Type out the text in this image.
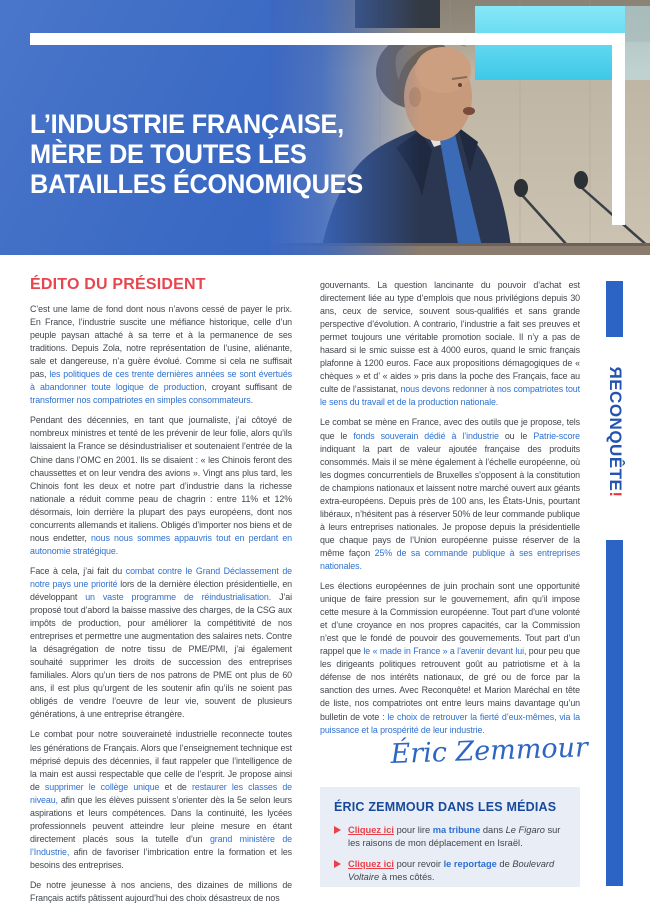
L’INDUSTRIE FRANÇAISE,
MÈRE DE TOUTES LES
BATAILLES ÉCONOMIQUES
ÉDITO DU PRÉSIDENT

C’est une lame de fond dont nous n’avons cessé de payer le prix. En France, l’industrie suscite une méfiance historique, celle d’un peuple paysan attaché à sa terre et à la permanence de ses traditions. Depuis Zola, notre représentation de l’usine, aliénante, sale et dangereuse, n’a guère évolué. Comme si cela ne suffisait pas, les politiques de ces trente dernières années se sont évertués à abandonner toute logique de production, croyant suffisant de transformer nos compatriotes en simples consommateurs.

Pendant des décennies, en tant que journaliste, j’ai côtoyé de nombreux ministres et tenté de les prévenir de leur folie, alors qu’ils laissaient la France se désindustrialiser et soutenaient l’entrée de la Chine dans l’OMC en 2001. Ils se disaient : « les Chinois feront des chaussettes et on leur vendra des avions ». Vingt ans plus tard, les Chinois font les deux et notre part d’industrie dans la richesse nationale a réduit comme peau de chagrin : entre 11% et 12% désormais, loin derrière la plupart des pays européens, dont nos concurrents allemands et italiens. Obligés d’importer nos biens et de nous endetter, nous nous sommes appauvris tout en perdant en autonomie stratégique.

Face à cela, j’ai fait du combat contre le Grand Déclassement de notre pays une priorité lors de la dernière élection présidentielle, en développant un vaste programme de réindustrialisation. J’ai proposé tout d’abord la baisse massive des charges, de la CSG aux impôts de production, pour améliorer la compétitivité de nos entreprises et permettre une augmentation des salaires nets. Contre la désagrégation de notre tissu de PME/PMI, j’ai également souhaité supprimer les droits de succession des entreprises familiales. Alors qu’un tiers de nos patrons de PME ont plus de 60 ans, il est plus qu’urgent de les soutenir afin qu’ils ne soient pas obligés de vendre l’oeuvre de leur vie, souvent de plusieurs générations, à une entreprise étrangère.

Le combat pour notre souveraineté industrielle reconnecte toutes les générations de Français. Alors que l’enseignement technique est méprisé depuis des décennies, il faut rappeler que l’intelligence de la main est aussi respectable que celle de l’esprit. Je propose ainsi de supprimer le collège unique et de restaurer les classes de niveau, afin que les élèves puissent s’orienter dès la 5e selon leurs aspirations et leurs compétences. Dans la continuité, les lycées professionnels peuvent atteindre leur pleine mesure en étant directement placés sous la tutelle d’un grand ministère de l’Industrie, afin de favoriser l’imbrication entre la formation et les besoins des entreprises.

De notre jeunesse à nos anciens, des dizaines de millions de Français actifs pâtissent aujourd’hui des choix désastreux de nos

gouvernants. La question lancinante du pouvoir d’achat est directement liée au type d’emplois que nous privilégions depuis 30 ans, ceux de service, souvent sous-qualifiés et sans grande perspective d’évolution. A contrario, l’industrie a fait ses preuves et permet toujours une véritable promotion sociale. Il n’y a pas de hasard si le smic suisse est à 4000 euros, quand le smic français plafonne à 1200 euros. Face aux propositions démagogiques de « chèques » et d’ « aides » pris dans la poche des Français, face au culte de l’assistanat, nous devons redonner à nos compatriotes tout le sens du travail et de la production nationale.

Le combat se mène en France, avec des outils que je propose, tels que le fonds souverain dédié à l’industrie ou le Patrie-score indiquant la part de valeur ajoutée française des produits consommés. Mais il se mène également à l’échelle européenne, où les dogmes concurrentiels de Bruxelles s’opposent à la constitution de champions nationaux et laissent notre marché ouvert aux géants extra-européens. Depuis près de 100 ans, les États-Unis, pourtant libéraux, n’hésitent pas à réserver 50% de leur commande publique à leurs entreprises nationales. Je propose depuis la présidentielle que chaque pays de l’Union européenne puisse réserver de la même façon 25% de sa commande publique à ses entreprises nationales.

Les élections européennes de juin prochain sont une opportunité unique de faire pression sur le gouvernement, afin qu’il impose cette mesure à la Commission européenne. Tout part d’une volonté et d’une croyance en nos propres capacités, car la Commission n’est que le fondé de pouvoir des gouvernements. Tout part d’un rappel que le « made in France » a l’avenir devant lui, pour peu que les dirigeants politiques retrouvent goût au patriotisme et à la défense de nos intérêts nationaux, de gré ou de force par la sanction des urnes. Avec Reconquête! et Marion Maréchal en tête de liste, nos compatriotes ont entre leurs mains davantage qu’un bulletin de vote : le choix de retrouver la fierté d’eux-mêmes, via la puissance et la prospérité de leur industrie.

Éric Zemmour
ÉRIC ZEMMOUR DANS LES MÉDIAS
Cliquez ici pour lire ma tribune dans Le Figaro sur les raisons de mon déplacement en Israël.
Cliquez ici pour revoir le reportage de Boulevard Voltaire à mes côtés.
RECONQUÊTE!
